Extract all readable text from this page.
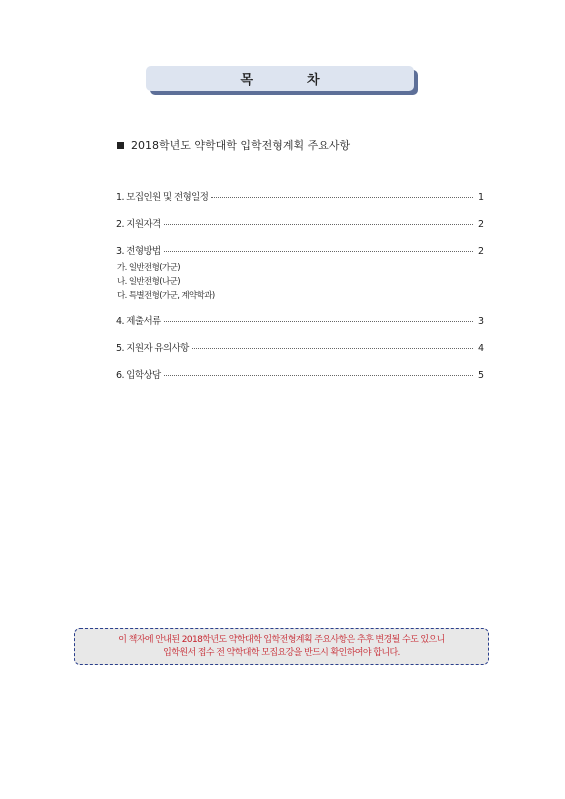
목	차
2018학년도 약학대학 입학전형계획 주요사항
1. 모집인원 및 전형일정	1
2. 지원자격	2
3. 전형방법	2
가. 일반전형(가군)
나. 일반전형(나군)
다. 특별전형(가군, 계약학과)
4. 제출서류	3
5. 지원자 유의사항	4
6. 입학상담	5
이 책자에 안내된 2018학년도 약학대학 입학전형계획 주요사항은 추후 변경될 수도 있으니
입학원서 접수 전 약학대학 모집요강을 반드시 확인하여야 합니다.
